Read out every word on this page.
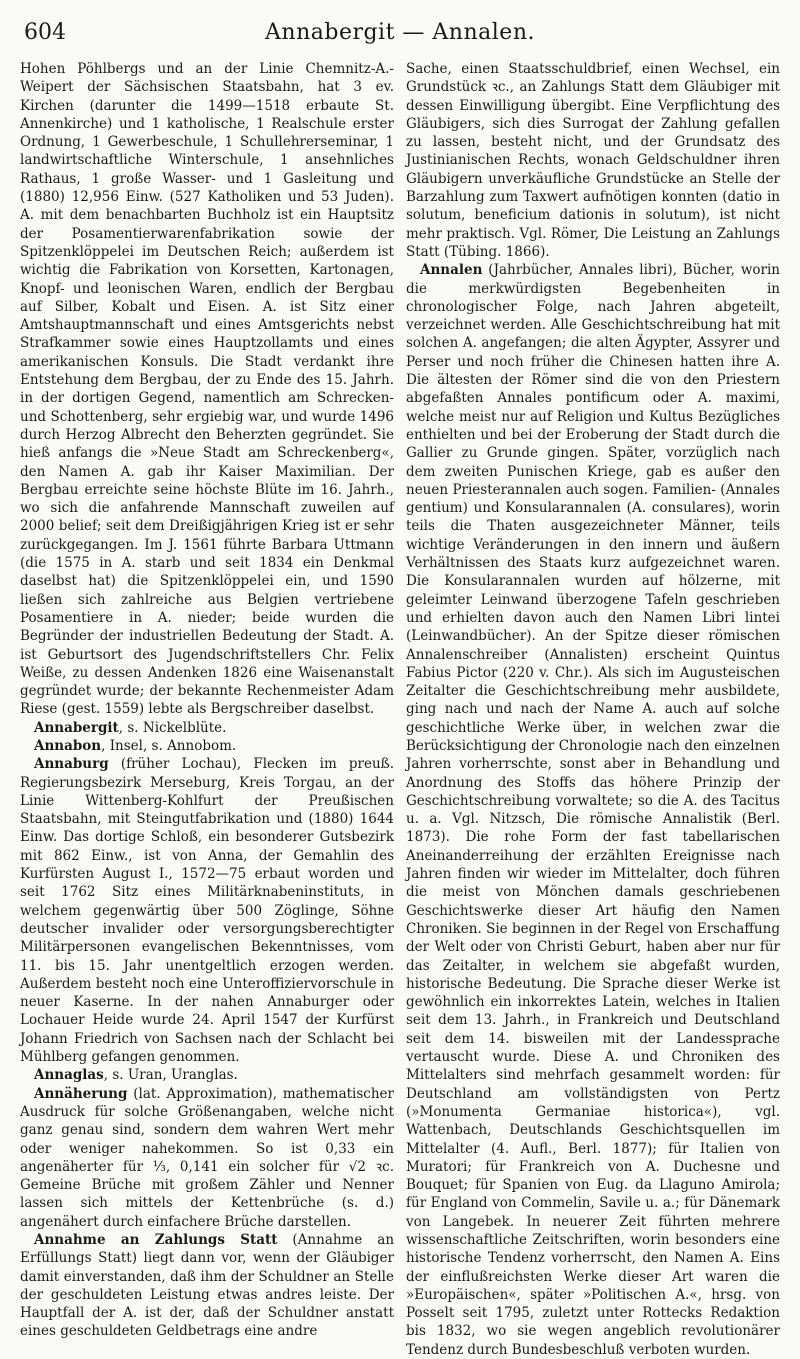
604	Annabergit — Annalen.

Hohen Pöhlbergs und an der Linie Chemnitz-A.-Weipert der Sächsischen Staatsbahn, hat 3 ev. Kirchen (darunter die 1499—1518 erbaute St. Annenkirche) und 1 katholische, 1 Realschule erster Ordnung, 1 Gewerbeschule, 1 Schullehrerseminar, 1 landwirtschaftliche Winterschule, 1 ansehnliches Rathaus, 1 große Wasser- und 1 Gasleitung und (1880) 12,956 Einw. (527 Katholiken und 53 Juden). A. mit dem benachbarten Buchholz ist ein Hauptsitz der Posamentierwarenfabrikation sowie der Spitzenklöppelei im Deutschen Reich; außerdem ist wichtig die Fabrikation von Korsetten, Kartonagen, Knopf- und leonischen Waren, endlich der Bergbau auf Silber, Kobalt und Eisen. A. ist Sitz einer Amtshauptmannschaft und eines Amtsgerichts nebst Strafkammer sowie eines Hauptzollamts und eines amerikanischen Konsuls. Die Stadt verdankt ihre Entstehung dem Bergbau, der zu Ende des 15. Jahrh. in der dortigen Gegend, namentlich am Schrecken- und Schottenberg, sehr ergiebig war, und wurde 1496 durch Herzog Albrecht den Beherzten gegründet. Sie hieß anfangs die »Neue Stadt am Schreckenberg«, den Namen A. gab ihr Kaiser Maximilian. Der Bergbau erreichte seine höchste Blüte im 16. Jahrh., wo sich die anfahrende Mannschaft zuweilen auf 2000 belief; seit dem Dreißigjährigen Krieg ist er sehr zurückgegangen. Im J. 1561 führte Barbara Uttmann (die 1575 in A. starb und seit 1834 ein Denkmal daselbst hat) die Spitzenklöppelei ein, und 1590 ließen sich zahlreiche aus Belgien vertriebene Posamentiere in A. nieder; beide wurden die Begründer der industriellen Bedeutung der Stadt. A. ist Geburtsort des Jugendschriftstellers Chr. Felix Weiße, zu dessen Andenken 1826 eine Waisenanstalt gegründet wurde; der bekannte Rechenmeister Adam Riese (gest. 1559) lebte als Bergschreiber daselbst.

Annabergit, s. Nickelblüte.

Annabon, Insel, s. Annobom.

Annaburg (früher Lochau), Flecken im preuß. Regierungsbezirk Merseburg, Kreis Torgau, an der Linie Wittenberg-Kohlfurt der Preußischen Staatsbahn, mit Steingutfabrikation und (1880) 1644 Einw. Das dortige Schloß, ein besonderer Gutsbezirk mit 862 Einw., ist von Anna, der Gemahlin des Kurfürsten August I., 1572—75 erbaut worden und seit 1762 Sitz eines Militärknabeninstituts, in welchem gegenwärtig über 500 Zöglinge, Söhne deutscher invalider oder versorgungsberechtigter Militärpersonen evangelischen Bekenntnisses, vom 11. bis 15. Jahr unentgeltlich erzogen werden. Außerdem besteht noch eine Unteroffiziervorschule in neuer Kaserne. In der nahen Annaburger oder Lochauer Heide wurde 24. April 1547 der Kurfürst Johann Friedrich von Sachsen nach der Schlacht bei Mühlberg gefangen genommen.

Annaglas, s. Uran, Uranglas.

Annäherung (lat. Approximation), mathematischer Ausdruck für solche Größenangaben, welche nicht ganz genau sind, sondern dem wahren Wert mehr oder weniger nahekommen. So ist 0,33 ein angenäherter für ⅓, 0,141 ein solcher für √2 ꝛc. Gemeine Brüche mit großem Zähler und Nenner lassen sich mittels der Kettenbrüche (s. d.) angenähert durch einfachere Brüche darstellen.

Annahme an Zahlungs Statt (Annahme an Erfüllungs Statt) liegt dann vor, wenn der Gläubiger damit einverstanden, daß ihm der Schuldner an Stelle der geschuldeten Leistung etwas andres leiste. Der Hauptfall der A. ist der, daß der Schuldner anstatt eines geschuldeten Geldbetrags eine andre

Sache, einen Staatsschuldbrief, einen Wechsel, ein Grundstück ꝛc., an Zahlungs Statt dem Gläubiger mit dessen Einwilligung übergibt. Eine Verpflichtung des Gläubigers, sich dies Surrogat der Zahlung gefallen zu lassen, besteht nicht, und der Grundsatz des Justinianischen Rechts, wonach Geldschuldner ihren Gläubigern unverkäufliche Grundstücke an Stelle der Barzahlung zum Taxwert aufnötigen konnten (datio in solutum, beneficium dationis in solutum), ist nicht mehr praktisch. Vgl. Römer, Die Leistung an Zahlungs Statt (Tübing. 1866).

Annalen (Jahrbücher, Annales libri), Bücher, worin die merkwürdigsten Begebenheiten in chronologischer Folge, nach Jahren abgeteilt, verzeichnet werden. Alle Geschichtschreibung hat mit solchen A. angefangen; die alten Ägypter, Assyrer und Perser und noch früher die Chinesen hatten ihre A. Die ältesten der Römer sind die von den Priestern abgefaßten Annales pontificum oder A. maximi, welche meist nur auf Religion und Kultus Bezügliches enthielten und bei der Eroberung der Stadt durch die Gallier zu Grunde gingen. Später, vorzüglich nach dem zweiten Punischen Kriege, gab es außer den neuen Priesterannalen auch sogen. Familien- (Annales gentium) und Konsularannalen (A. consulares), worin teils die Thaten ausgezeichneter Männer, teils wichtige Veränderungen in den innern und äußern Verhältnissen des Staats kurz aufgezeichnet waren. Die Konsularannalen wurden auf hölzerne, mit geleimter Leinwand überzogene Tafeln geschrieben und erhielten davon auch den Namen Libri lintei (Leinwandbücher). An der Spitze dieser römischen Annalenschreiber (Annalisten) erscheint Quintus Fabius Pictor (220 v. Chr.). Als sich im Augusteischen Zeitalter die Geschichtschreibung mehr ausbildete, ging nach und nach der Name A. auch auf solche geschichtliche Werke über, in welchen zwar die Berücksichtigung der Chronologie nach den einzelnen Jahren vorherrschte, sonst aber in Behandlung und Anordnung des Stoffs das höhere Prinzip der Geschichtschreibung vorwaltete; so die A. des Tacitus u. a. Vgl. Nitzsch, Die römische Annalistik (Berl. 1873). Die rohe Form der fast tabellarischen Aneinanderreihung der erzählten Ereignisse nach Jahren finden wir wieder im Mittelalter, doch führen die meist von Mönchen damals geschriebenen Geschichtswerke dieser Art häufig den Namen Chroniken. Sie beginnen in der Regel von Erschaffung der Welt oder von Christi Geburt, haben aber nur für das Zeitalter, in welchem sie abgefaßt wurden, historische Bedeutung. Die Sprache dieser Werke ist gewöhnlich ein inkorrektes Latein, welches in Italien seit dem 13. Jahrh., in Frankreich und Deutschland seit dem 14. bisweilen mit der Landessprache vertauscht wurde. Diese A. und Chroniken des Mittelalters sind mehrfach gesammelt worden: für Deutschland am vollständigsten von Pertz (»Monumenta Germaniae historica«), vgl. Wattenbach, Deutschlands Geschichtsquellen im Mittelalter (4. Aufl., Berl. 1877); für Italien von Muratori; für Frankreich von A. Duchesne und Bouquet; für Spanien von Eug. da Llaguno Amirola; für England von Commelin, Savile u. a.; für Dänemark von Langebek. In neuerer Zeit führten mehrere wissenschaftliche Zeitschriften, worin besonders eine historische Tendenz vorherrscht, den Namen A. Eins der einflußreichsten Werke dieser Art waren die »Europäischen«, später »Politischen A.«, hrsg. von Posselt seit 1795, zuletzt unter Rottecks Redaktion bis 1832, wo sie wegen angeblich revolutionärer Tendenz durch Bundesbeschluß verboten wurden.
